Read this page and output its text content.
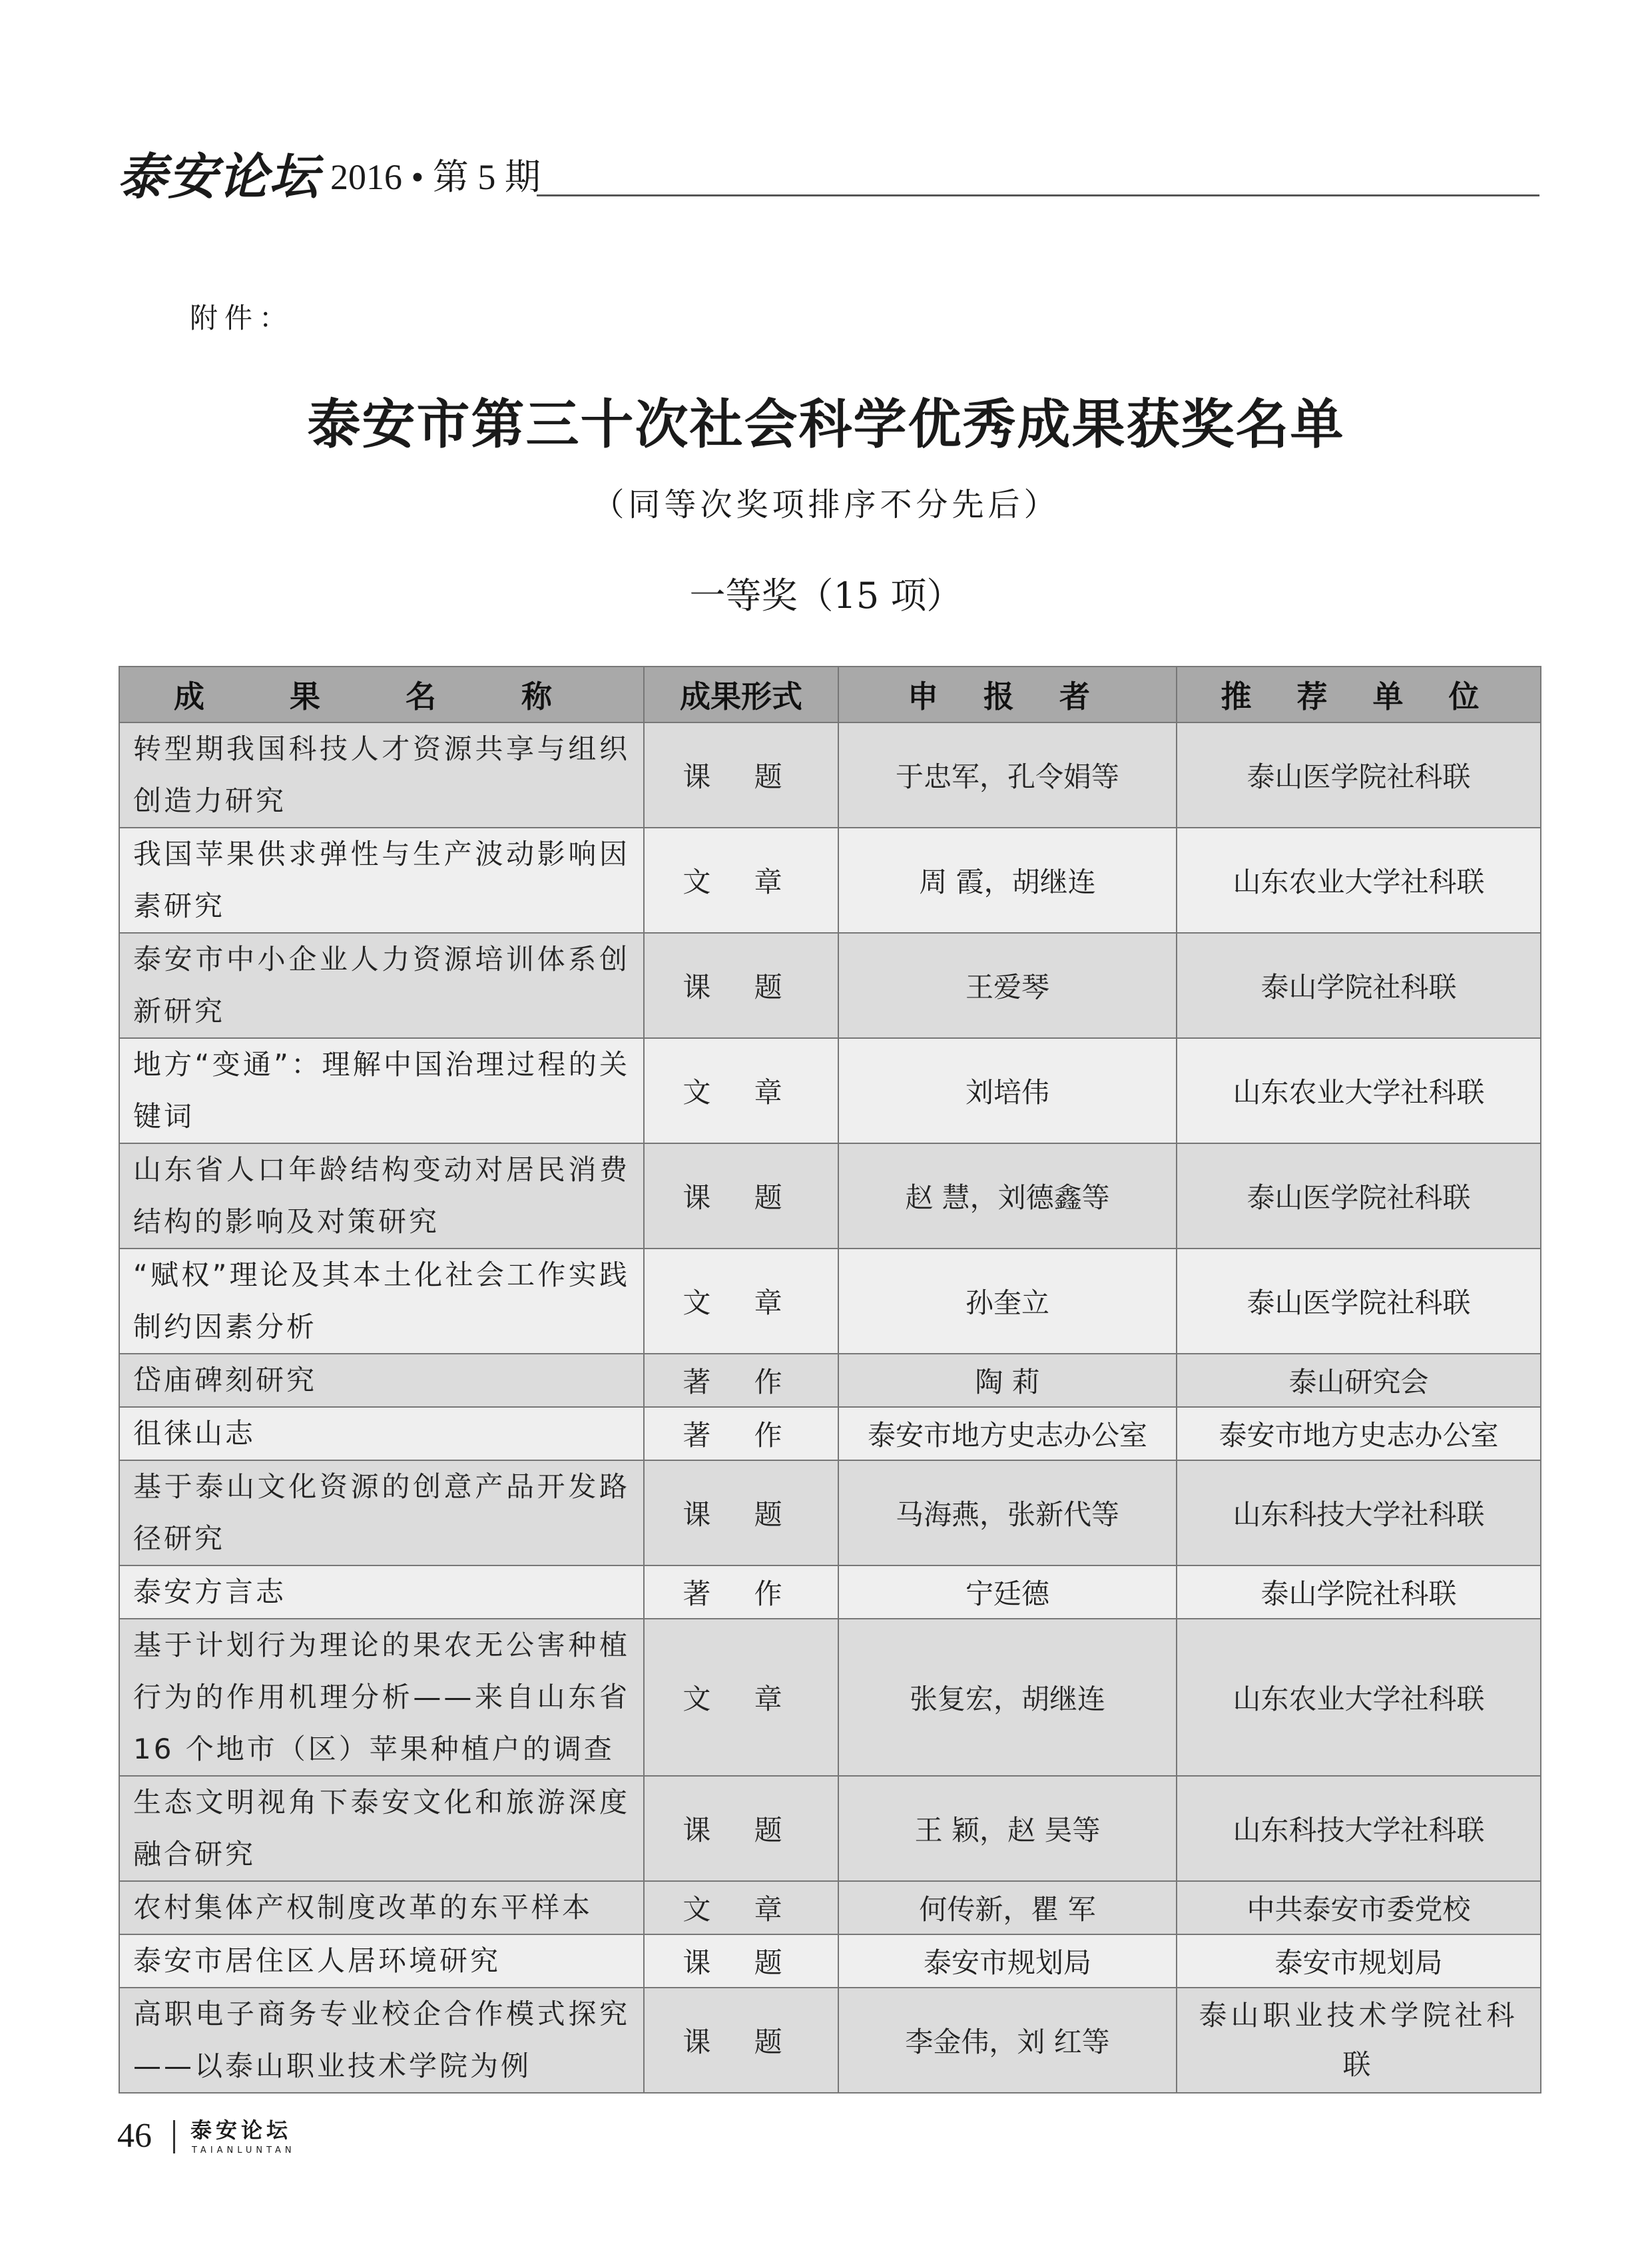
泰安论坛 2016 • 第 5 期
附件：
泰安市第三十次社会科学优秀成果获奖名单
（同等次奖项排序不分先后）
一等奖（15 项）
成 果 名 称	成果形式	申 报 者	推 荐 单 位
转型期我国科技人才资源共享与组织创造力研究	课 题	于忠军，孔令娟等	泰山医学院社科联
我国苹果供求弹性与生产波动影响因素研究	文 章	周 霞，胡继连	山东农业大学社科联
泰安市中小企业人力资源培训体系创新研究	课 题	王爱琴	泰山学院社科联
地方“变通”：理解中国治理过程的关键词	文 章	刘培伟	山东农业大学社科联
山东省人口年龄结构变动对居民消费结构的影响及对策研究	课 题	赵 慧，刘德鑫等	泰山医学院社科联
“赋权”理论及其本土化社会工作实践制约因素分析	文 章	孙奎立	泰山医学院社科联
岱庙碑刻研究	著 作	陶 莉	泰山研究会
徂徕山志	著 作	泰安市地方史志办公室	泰安市地方史志办公室
基于泰山文化资源的创意产品开发路径研究	课 题	马海燕，张新代等	山东科技大学社科联
泰安方言志	著 作	宁廷德	泰山学院社科联
基于计划行为理论的果农无公害种植行为的作用机理分析——来自山东省 16 个地市（区）苹果种植户的调查	文 章	张复宏，胡继连	山东农业大学社科联
生态文明视角下泰安文化和旅游深度融合研究	课 题	王 颖，赵 昊等	山东科技大学社科联
农村集体产权制度改革的东平样本	文 章	何传新，瞿 军	中共泰安市委党校
泰安市居住区人居环境研究	课 题	泰安市规划局	泰安市规划局
高职电子商务专业校企合作模式探究——以泰山职业技术学院为例	课 题	李金伟，刘 红等	泰山职业技术学院社科联
46 泰安论坛
TAIANLUNTAN
